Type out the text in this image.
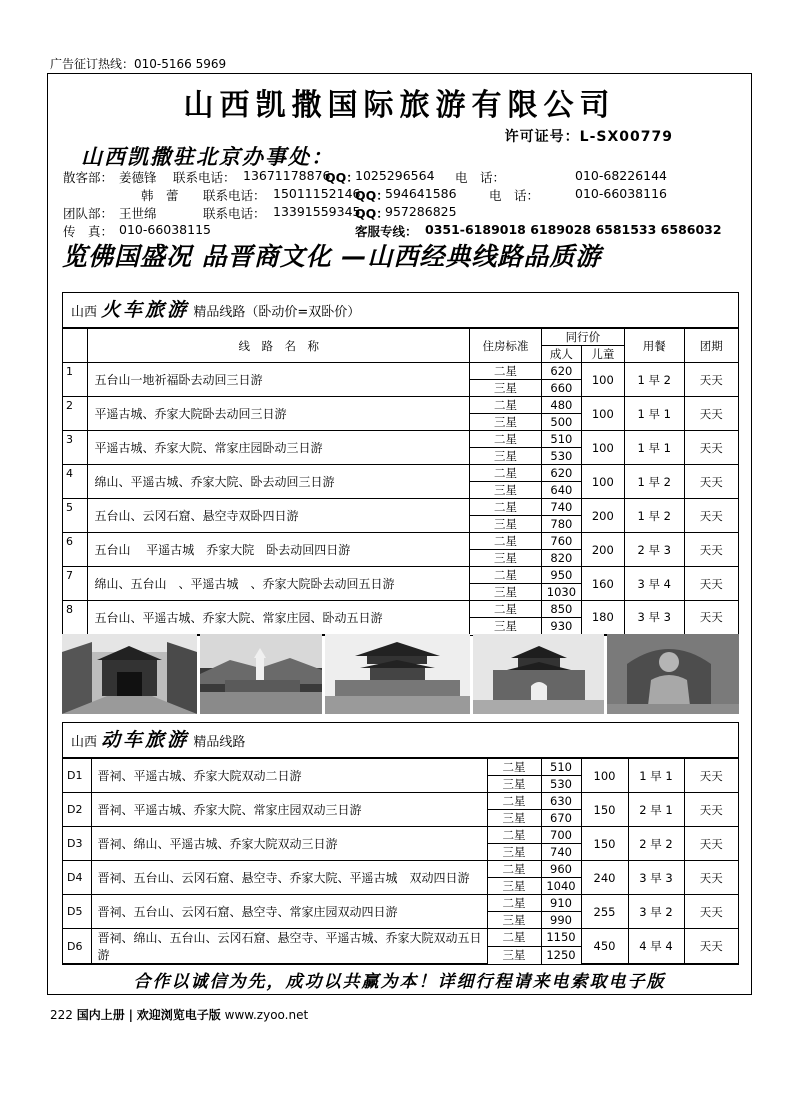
广告征订热线：010-5166 5969
山西凯撒国际旅游有限公司
许可证号：L-SX00779
山西凯撒驻北京办事处：
散客部： 姜德锋 联系电话： 13671178876
QQ：
1025296564 电　话：	010-68226144
韩　蕾 联系电话： 15011152146
QQ：
594641586	电　话：	010-66038116
团队部： 王世绵	联系电话： 13391559345
QQ：
957286825
传　真： 010-66038115	客服专线： 0351-6189018 6189028 6581533 6586032
览佛国盛况 品晋商文化 —山西经典线路品质游
山西 火车旅游 精品线路（卧动价=双卧价）
	线　路　名　称	住房标准	同行价		用餐	团期
			成人	儿童		
1	五台山一地祈福卧去动回三日游	二星	620	100	1 早 2	天天
		三星	660			
2	平遥古城、乔家大院卧去动回三日游	二星	480	100	1 早 1	天天
		三星	500			
3	平遥古城、乔家大院、常家庄园卧动三日游	二星	510	100	1 早 1	天天
		三星	530			
4	绵山、平遥古城、乔家大院、卧去动回三日游	二星	620	100	1 早 2	天天
		三星	640			
5	五台山、云冈石窟、悬空寺双卧四日游	二星	740	200	1 早 2	天天
		三星	780			
6	五台山　 平遥古城　乔家大院　卧去动回四日游	二星	760	200	2 早 3	天天
		三星	820			
7	绵山、五台山　、平遥古城　、乔家大院卧去动回五日游	二星	950	160	3 早 4	天天
		三星	1030			
8	五台山、平遥古城、乔家大院、常家庄园、卧动五日游	二星	850	180	3 早 3	天天
		三星	930			
山西 动车旅游 精品线路
D1	晋祠、平遥古城、乔家大院双动二日游	二星	510	100	1 早 1	天天
		三星	530			
D2	晋祠、平遥古城、乔家大院、常家庄园双动三日游	二星	630	150	2 早 1	天天
		三星	670			
D3	晋祠、绵山、平遥古城、乔家大院双动三日游	二星	700	150	2 早 2	天天
		三星	740			
D4	晋祠、五台山、云冈石窟、悬空寺、乔家大院、平遥古城　双动四日游	二星	960	240	3 早 3	天天
		三星	1040			
D5	晋祠、五台山、云冈石窟、悬空寺、常家庄园双动四日游	二星	910	255	3 早 2	天天
		三星	990			
D6	晋祠、绵山、五台山、云冈石窟、悬空寺、平遥古城、乔家大院双动五日游	二星	1150	450	4 早 4	天天
		三星	1250			
合作以诚信为先，成功以共赢为本！详细行程请来电索取电子版
222 国内上册 | 欢迎浏览电子版 www.zyoo.net
